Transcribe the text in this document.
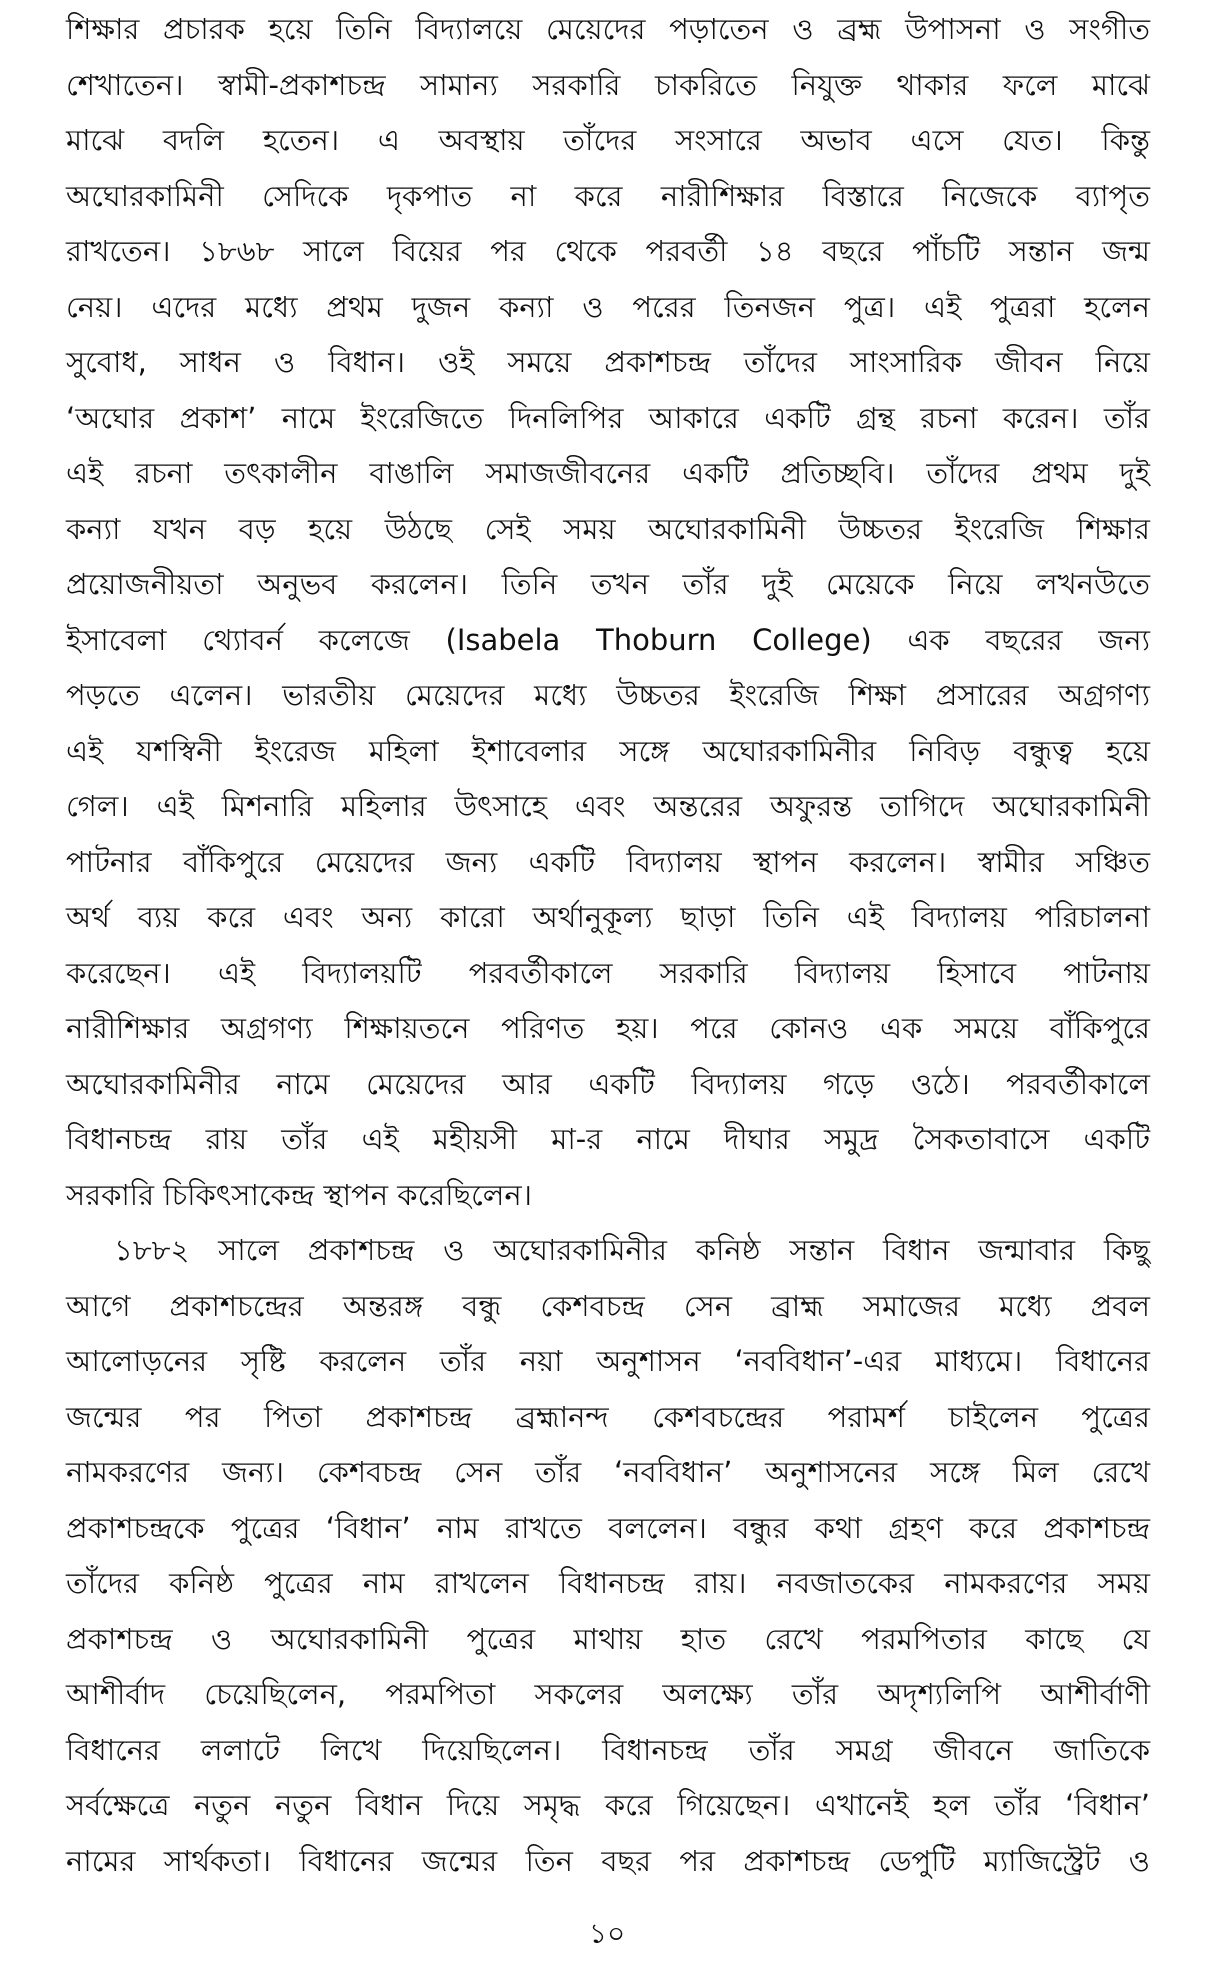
শিক্ষার প্রচারক হয়ে তিনি বিদ্যালয়ে মেয়েদের পড়াতেন ও ব্রহ্ম উপাসনা ও সংগীত
শেখাতেন। স্বামী-প্রকাশচন্দ্র সামান্য সরকারি চাকরিতে নিযুক্ত থাকার ফলে মাঝে
মাঝে বদলি হতেন। এ অবস্থায় তাঁদের সংসারে অভাব এসে যেত। কিন্তু
অঘোরকামিনী সেদিকে দৃকপাত না করে নারীশিক্ষার বিস্তারে নিজেকে ব্যাপৃত
রাখতেন। ১৮৬৮ সালে বিয়ের পর থেকে পরবর্তী ১৪ বছরে পাঁচটি সন্তান জন্ম
নেয়। এদের মধ্যে প্রথম দুজন কন্যা ও পরের তিনজন পুত্র। এই পুত্ররা হলেন
সুবোধ, সাধন ও বিধান। ওই সময়ে প্রকাশচন্দ্র তাঁদের সাংসারিক জীবন নিয়ে
‘অঘোর প্রকাশ’ নামে ইংরেজিতে দিনলিপির আকারে একটি গ্রন্থ রচনা করেন। তাঁর
এই রচনা তৎকালীন বাঙালি সমাজজীবনের একটি প্রতিচ্ছবি। তাঁদের প্রথম দুই
কন্যা যখন বড় হয়ে উঠছে সেই সময় অঘোরকামিনী উচ্চতর ইংরেজি শিক্ষার
প্রয়োজনীয়তা অনুভব করলেন। তিনি তখন তাঁর দুই মেয়েকে নিয়ে লখনউতে
ইসাবেলা থ্যোবর্ন কলেজে (Isabela Thoburn College) এক বছরের জন্য
পড়তে এলেন। ভারতীয় মেয়েদের মধ্যে উচ্চতর ইংরেজি শিক্ষা প্রসারের অগ্রগণ্য
এই যশস্বিনী ইংরেজ মহিলা ইশাবেলার সঙ্গে অঘোরকামিনীর নিবিড় বন্ধুত্ব হয়ে
গেল। এই মিশনারি মহিলার উৎসাহে এবং অন্তরের অফুরন্ত তাগিদে অঘোরকামিনী
পাটনার বাঁকিপুরে মেয়েদের জন্য একটি বিদ্যালয় স্থাপন করলেন। স্বামীর সঞ্চিত
অর্থ ব্যয় করে এবং অন্য কারো অর্থানুকূল্য ছাড়া তিনি এই বিদ্যালয় পরিচালনা
করেছেন। এই বিদ্যালয়টি পরবর্তীকালে সরকারি বিদ্যালয় হিসাবে পাটনায়
নারীশিক্ষার অগ্রগণ্য শিক্ষায়তনে পরিণত হয়। পরে কোনও এক সময়ে বাঁকিপুরে
অঘোরকামিনীর নামে মেয়েদের আর একটি বিদ্যালয় গড়ে ওঠে। পরবর্তীকালে
বিধানচন্দ্র রায় তাঁর এই মহীয়সী মা-র নামে দীঘার সমুদ্র সৈকতাবাসে একটি
সরকারি চিকিৎসাকেন্দ্র স্থাপন করেছিলেন।
১৮৮২ সালে প্রকাশচন্দ্র ও অঘোরকামিনীর কনিষ্ঠ সন্তান বিধান জন্মাবার কিছু
আগে প্রকাশচন্দ্রের অন্তরঙ্গ বন্ধু কেশবচন্দ্র সেন ব্রাহ্ম সমাজের মধ্যে প্রবল
আলোড়নের সৃষ্টি করলেন তাঁর নয়া অনুশাসন ‘নববিধান’-এর মাধ্যমে। বিধানের
জন্মের পর পিতা প্রকাশচন্দ্র ব্রহ্মানন্দ কেশবচন্দ্রের পরামর্শ চাইলেন পুত্রের
নামকরণের জন্য। কেশবচন্দ্র সেন তাঁর ‘নববিধান’ অনুশাসনের সঙ্গে মিল রেখে
প্রকাশচন্দ্রকে পুত্রের ‘বিধান’ নাম রাখতে বললেন। বন্ধুর কথা গ্রহণ করে প্রকাশচন্দ্র
তাঁদের কনিষ্ঠ পুত্রের নাম রাখলেন বিধানচন্দ্র রায়। নবজাতকের নামকরণের সময়
প্রকাশচন্দ্র ও অঘোরকামিনী পুত্রের মাথায় হাত রেখে পরমপিতার কাছে যে
আশীর্বাদ চেয়েছিলেন, পরমপিতা সকলের অলক্ষ্যে তাঁর অদৃশ্যলিপি আশীর্বাণী
বিধানের ললাটে লিখে দিয়েছিলেন। বিধানচন্দ্র তাঁর সমগ্র জীবনে জাতিকে
সর্বক্ষেত্রে নতুন নতুন বিধান দিয়ে সমৃদ্ধ করে গিয়েছেন। এখানেই হল তাঁর ‘বিধান’
নামের সার্থকতা। বিধানের জন্মের তিন বছর পর প্রকাশচন্দ্র ডেপুটি ম্যাজিস্ট্রেট ও
১০
